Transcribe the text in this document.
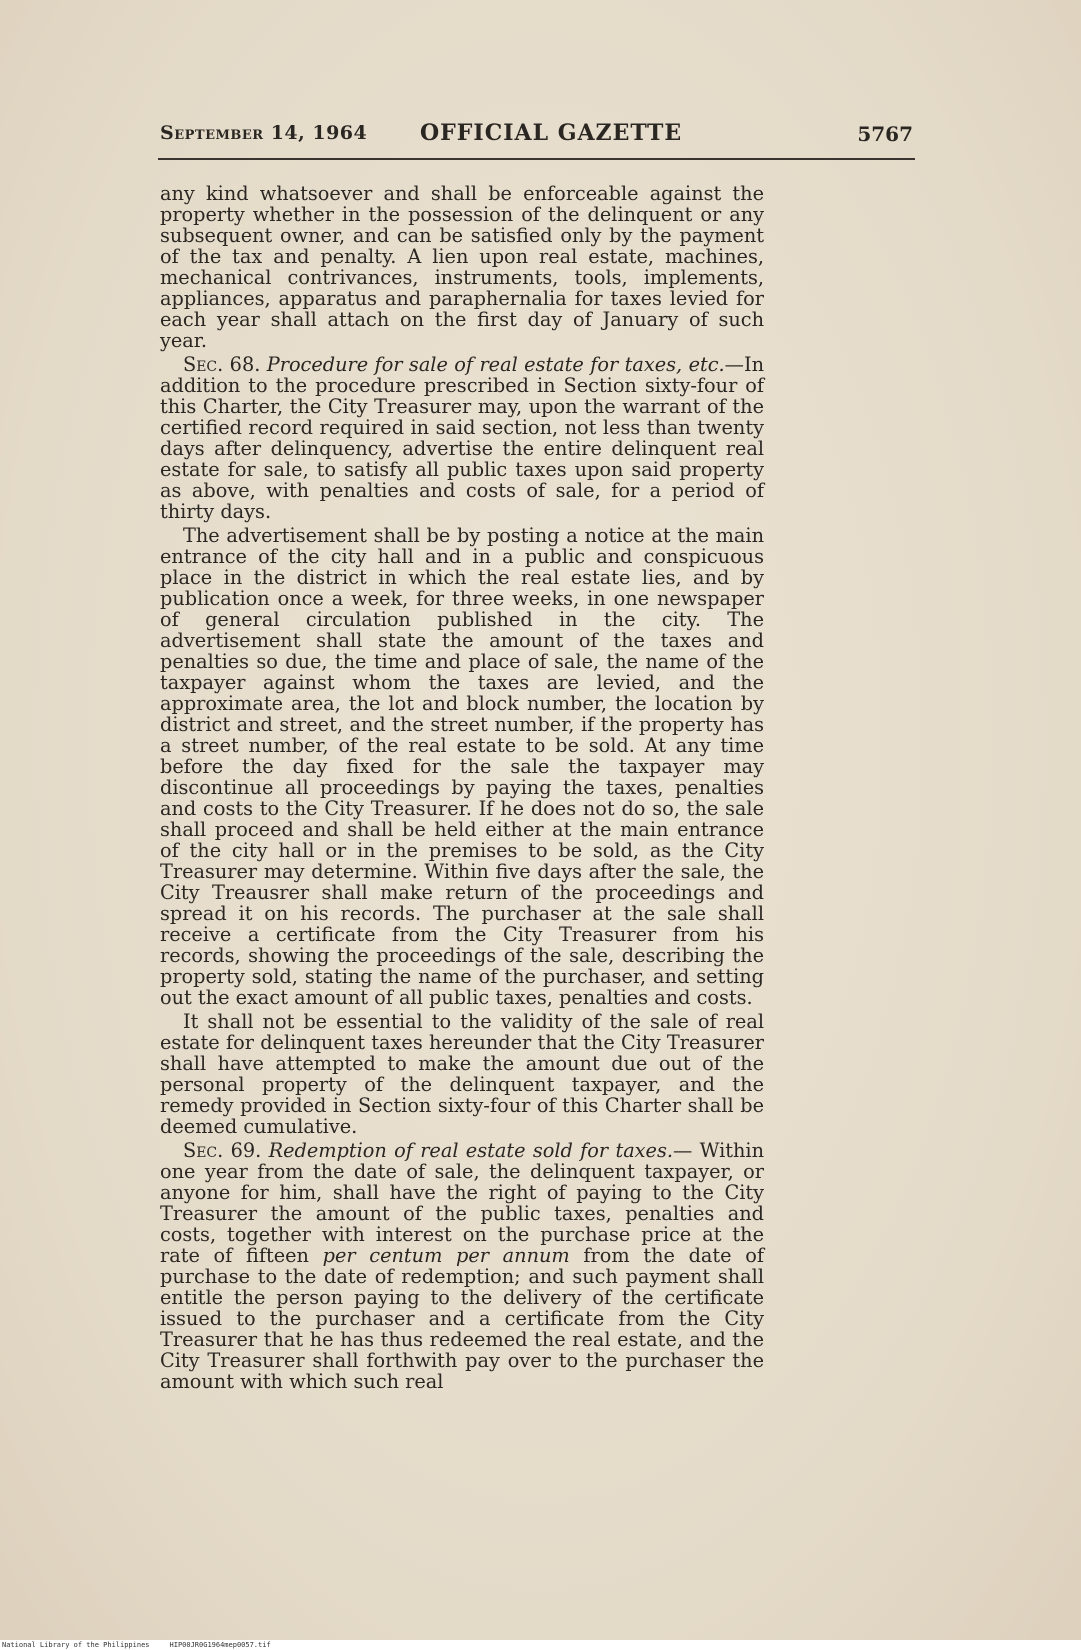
September 14, 1964 OFFICIAL GAZETTE	5767

any kind whatsoever and shall be enforceable against the property whether in the possession of the delinquent or any subsequent owner, and can be satisfied only by the payment of the tax and penalty. A lien upon real estate, machines, mechanical contrivances, instruments, tools, implements, appliances, apparatus and paraphernalia for taxes levied for each year shall attach on the first day of January of such year.

Sec. 68. Procedure for sale of real estate for taxes, etc.—In addition to the procedure prescribed in Section sixty-four of this Charter, the City Treasurer may, upon the warrant of the certified record required in said section, not less than twenty days after delinquency, advertise the entire delinquent real estate for sale, to satisfy all public taxes upon said property as above, with penalties and costs of sale, for a period of thirty days.

The advertisement shall be by posting a notice at the main entrance of the city hall and in a public and conspicuous place in the district in which the real estate lies, and by publication once a week, for three weeks, in one newspaper of general circulation published in the city. The advertisement shall state the amount of the taxes and penalties so due, the time and place of sale, the name of the taxpayer against whom the taxes are levied, and the approximate area, the lot and block number, the location by district and street, and the street number, if the property has a street number, of the real estate to be sold. At any time before the day fixed for the sale the taxpayer may discontinue all proceedings by paying the taxes, penalties and costs to the City Treasurer. If he does not do so, the sale shall proceed and shall be held either at the main entrance of the city hall or in the premises to be sold, as the City Treasurer may determine. Within five days after the sale, the City Treausrer shall make return of the proceedings and spread it on his records. The purchaser at the sale shall receive a certificate from the City Treasurer from his records, showing the proceedings of the sale, describing the property sold, stating the name of the purchaser, and setting out the exact amount of all public taxes, penalties and costs.

It shall not be essential to the validity of the sale of real estate for delinquent taxes hereunder that the City Treasurer shall have attempted to make the amount due out of the personal property of the delinquent taxpayer, and the remedy provided in Section sixty-four of this Charter shall be deemed cumulative.

Sec. 69. Redemption of real estate sold for taxes.— Within one year from the date of sale, the delinquent taxpayer, or anyone for him, shall have the right of paying to the City Treasurer the amount of the public taxes, penalties and costs, together with interest on the purchase price at the rate of fifteen per centum per annum from the date of purchase to the date of redemption; and such payment shall entitle the person paying to the delivery of the certificate issued to the purchaser and a certificate from the City Treasurer that he has thus redeemed the real estate, and the City Treasurer shall forthwith pay over to the purchaser the amount with which such real

National Library of the Philippines	HIP00JR0G1964mep0057.tif
